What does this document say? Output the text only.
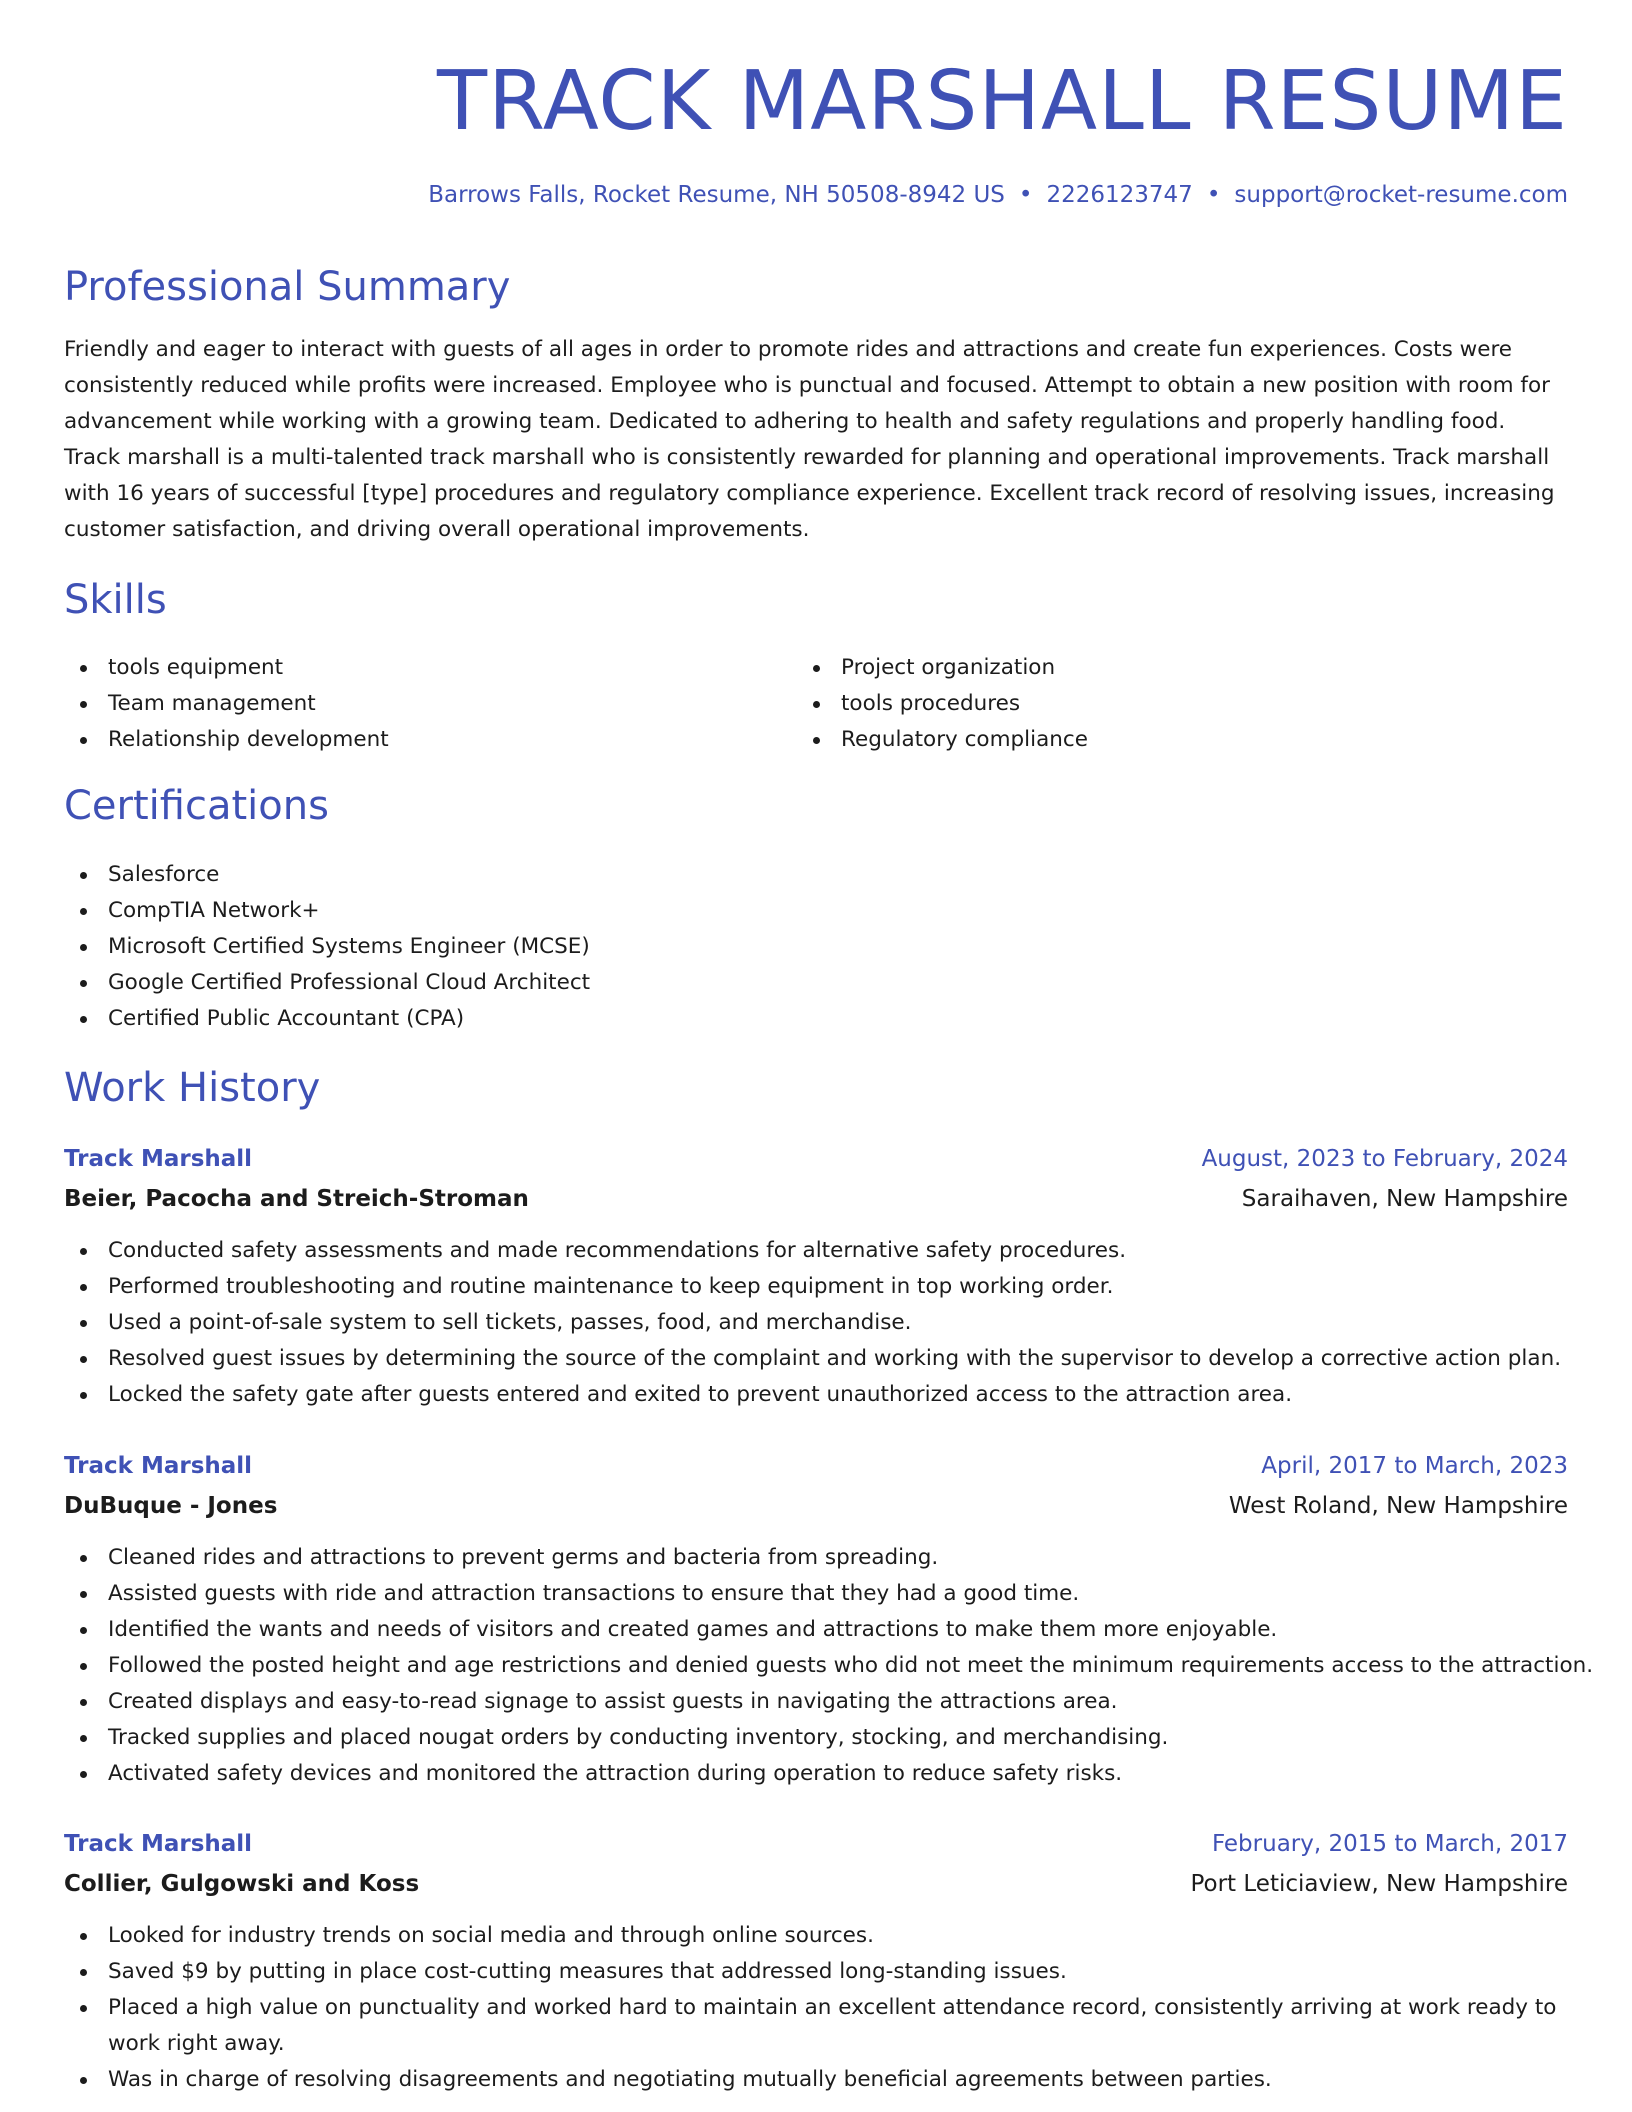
TRACK MARSHALL RESUME
Barrows Falls, Rocket Resume, NH 50508-8942 US • 2226123747 • support@rocket-resume.com
Professional Summary

Friendly and eager to interact with guests of all ages in order to promote rides and attractions and create fun experiences. Costs were consistently reduced while profits were increased. Employee who is punctual and focused. Attempt to obtain a new position with room for advancement while working with a growing team. Dedicated to adhering to health and safety regulations and properly handling food. Track marshall is a multi-talented track marshall who is consistently rewarded for planning and operational improvements. Track marshall with 16 years of successful [type] procedures and regulatory compliance experience. Excellent track record of resolving issues, increasing customer satisfaction, and driving overall operational improvements.

Skills
tools equipment
Team management
Relationship development
Project organization
tools procedures
Regulatory compliance
Certifications
Salesforce
CompTIA Network+
Microsoft Certified Systems Engineer (MCSE)
Google Certified Professional Cloud Architect
Certified Public Accountant (CPA)
Work History
Track Marshall	August, 2023 to February, 2024
Beier, Pacocha and Streich-Stroman	Saraihaven, New Hampshire
Conducted safety assessments and made recommendations for alternative safety procedures.
Performed troubleshooting and routine maintenance to keep equipment in top working order.
Used a point-of-sale system to sell tickets, passes, food, and merchandise.
Resolved guest issues by determining the source of the complaint and working with the supervisor to develop a corrective action plan.
Locked the safety gate after guests entered and exited to prevent unauthorized access to the attraction area.
Track Marshall	April, 2017 to March, 2023
DuBuque - Jones	West Roland, New Hampshire
Cleaned rides and attractions to prevent germs and bacteria from spreading.
Assisted guests with ride and attraction transactions to ensure that they had a good time.
Identified the wants and needs of visitors and created games and attractions to make them more enjoyable.
Followed the posted height and age restrictions and denied guests who did not meet the minimum requirements access to the attraction.
Created displays and easy-to-read signage to assist guests in navigating the attractions area.
Tracked supplies and placed nougat orders by conducting inventory, stocking, and merchandising.
Activated safety devices and monitored the attraction during operation to reduce safety risks.
Track Marshall	February, 2015 to March, 2017
Collier, Gulgowski and Koss	Port Leticiaview, New Hampshire
Looked for industry trends on social media and through online sources.
Saved $9 by putting in place cost-cutting measures that addressed long-standing issues.
Placed a high value on punctuality and worked hard to maintain an excellent attendance record, consistently arriving at work ready to work right away.
Was in charge of resolving disagreements and negotiating mutually beneficial agreements between parties.
